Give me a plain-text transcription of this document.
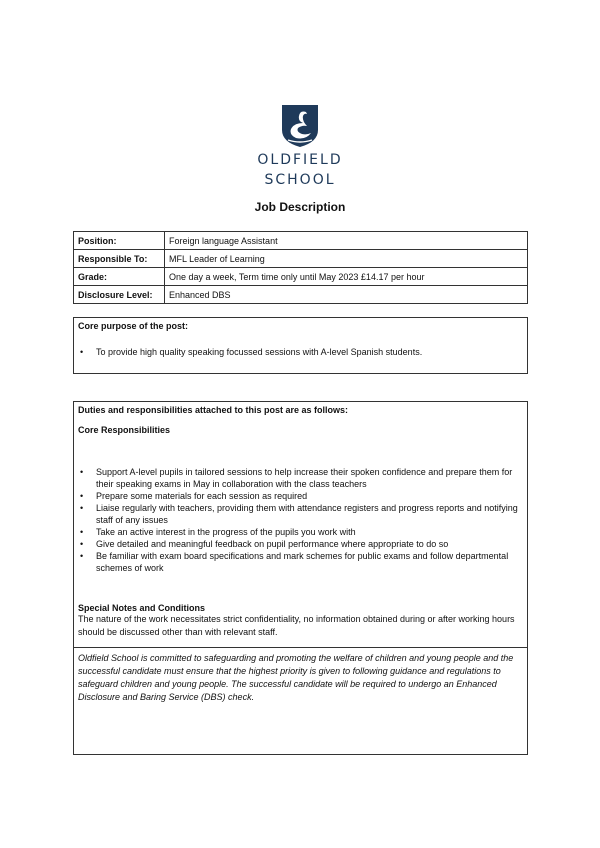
OLDFIELD
SCHOOL
Job Description
Position:	Foreign language Assistant
Responsible To:	MFL Leader of Learning
Grade:	One day a week, Term time only until May 2023 £14.17 per hour
Disclosure Level:	Enhanced DBS
Core purpose of the post:
• To provide high quality speaking focussed sessions with A-level Spanish students.
Duties and responsibilities attached to this post are as follows:
Core Responsibilities
• Support A-level pupils in tailored sessions to help increase their spoken confidence and prepare them for their speaking exams in May in collaboration with the class teachers
• Prepare some materials for each session as required
• Liaise regularly with teachers, providing them with attendance registers and progress reports and notifying staff of any issues
• Take an active interest in the progress of the pupils you work with
• Give detailed and meaningful feedback on pupil performance where appropriate to do so
• Be familiar with exam board specifications and mark schemes for public exams and follow departmental schemes of work
Special Notes and Conditions
The nature of the work necessitates strict confidentiality, no information obtained during or after working hours should be discussed other than with relevant staff.
Oldfield School is committed to safeguarding and promoting the welfare of children and young people and the successful candidate must ensure that the highest priority is given to following guidance and regulations to safeguard children and young people. The successful candidate will be required to undergo an Enhanced Disclosure and Baring Service (DBS) check.
